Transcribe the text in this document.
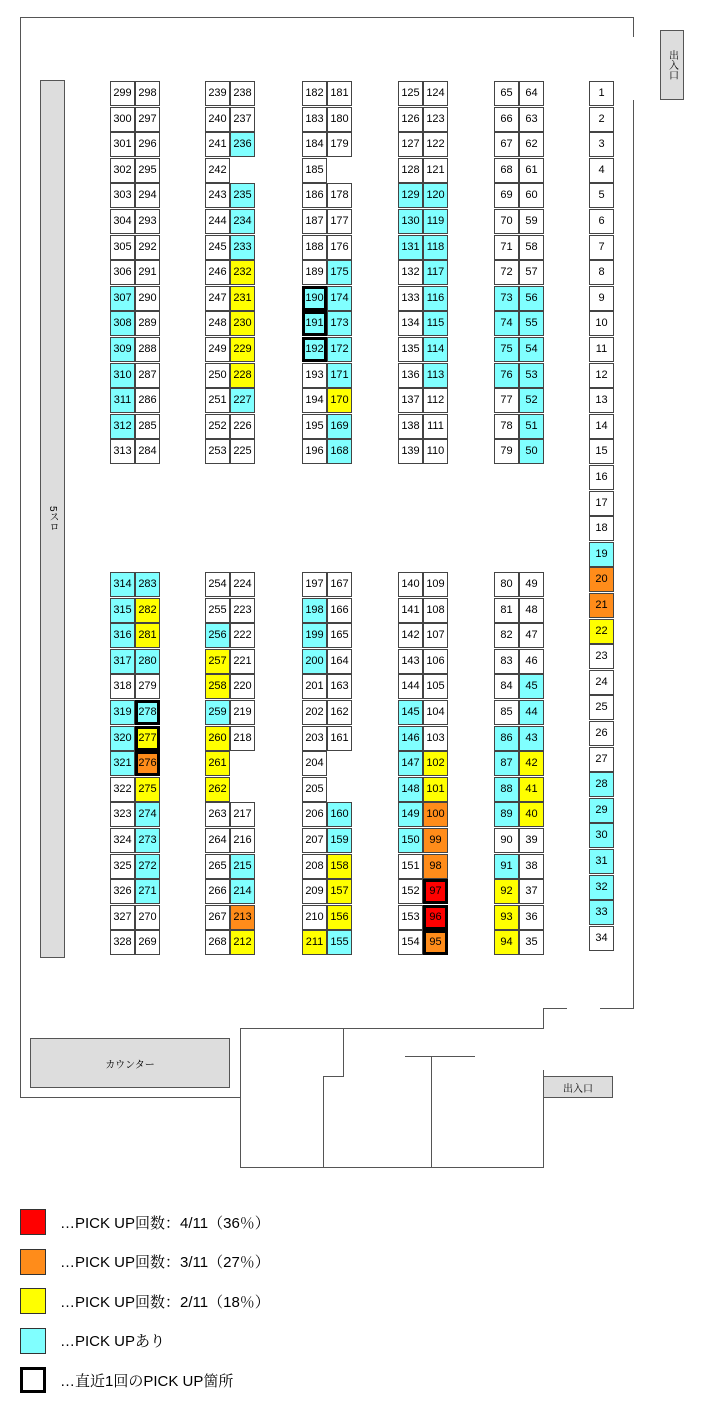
出入口
出入口
5スロ
カウンター
299
300
301
302
303
304
305
306
307
308
309
310
311
312
313
298
297
296
295
294
293
292
291
290
289
288
287
286
285
284
239
240
241
242
243
244
245
246
247
248
249
250
251
252
253
238
237
236
235
234
233
232
231
230
229
228
227
226
225
182
183
184
185
186
187
188
189
190
191
192
193
194
195
196
181
180
179
178
177
176
175
174
173
172
171
170
169
168
125
126
127
128
129
130
131
132
133
134
135
136
137
138
139
124
123
122
121
120
119
118
117
116
115
114
113
112
111
110
65
66
67
68
69
70
71
72
73
74
75
76
77
78
79
64
63
62
61
60
59
58
57
56
55
54
53
52
51
50
314
315
316
317
318
319
320
321
322
323
324
325
326
327
328
283
282
281
280
279
278
277
276
275
274
273
272
271
270
269
254
255
256
257
258
259
260
261
262
263
264
265
266
267
268
224
223
222
221
220
219
218
217
216
215
214
213
212
197
198
199
200
201
202
203
204
205
206
207
208
209
210
211
167
166
165
164
163
162
161
160
159
158
157
156
155
140
141
142
143
144
145
146
147
148
149
150
151
152
153
154
109
108
107
106
105
104
103
102
101
100
99
98
97
96
95
80
81
82
83
84
85
86
87
88
89
90
91
92
93
94
49
48
47
46
45
44
43
42
41
40
39
38
37
36
35
1
2
3
4
5
6
7
8
9
10
11
12
13
14
15
16
17
18
19
20
21
22
23
24
25
26
27
28
29
30
31
32
33
34
…PICK UP回数：4/11（36％）
…PICK UP回数：3/11（27％）
…PICK UP回数：2/11（18％）
…PICK UPあり
…直近1回のPICK UP箇所
